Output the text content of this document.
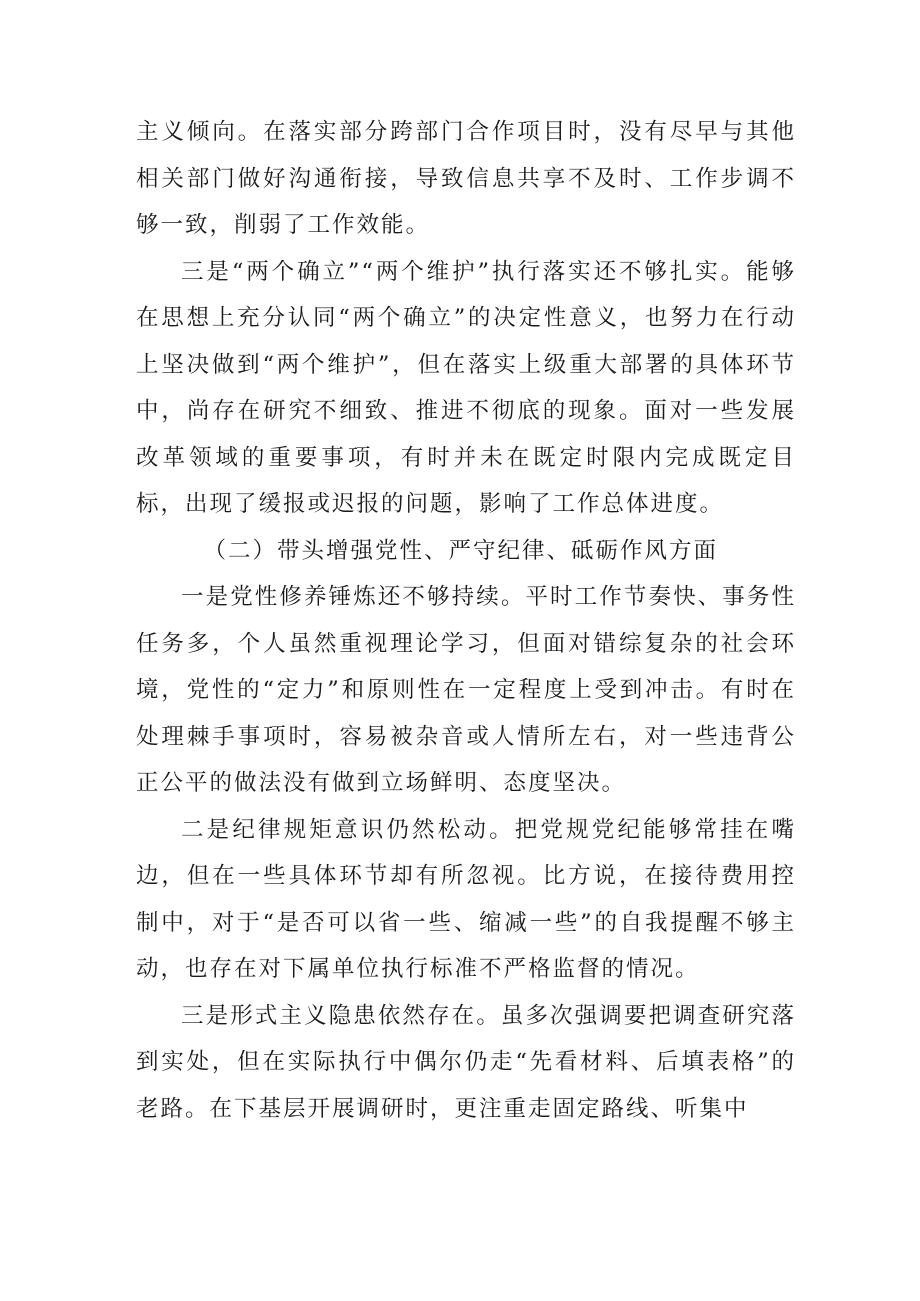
主义倾向。在落实部分跨部门合作项目时，没有尽早与其他相关部门做好沟通衔接，导致信息共享不及时、工作步调不够一致，削弱了工作效能。

三是“两个确立”“两个维护”执行落实还不够扎实。能够在思想上充分认同“两个确立”的决定性意义，也努力在行动上坚决做到“两个维护”，但在落实上级重大部署的具体环节中，尚存在研究不细致、推进不彻底的现象。面对一些发展改革领域的重要事项，有时并未在既定时限内完成既定目标，出现了缓报或迟报的问题，影响了工作总体进度。

（二）带头增强党性、严守纪律、砥砺作风方面

一是党性修养锤炼还不够持续。平时工作节奏快、事务性任务多，个人虽然重视理论学习，但面对错综复杂的社会环境，党性的“定力”和原则性在一定程度上受到冲击。有时在处理棘手事项时，容易被杂音或人情所左右，对一些违背公正公平的做法没有做到立场鲜明、态度坚决。

二是纪律规矩意识仍然松动。把党规党纪能够常挂在嘴边，但在一些具体环节却有所忽视。比方说，在接待费用控制中，对于“是否可以省一些、缩减一些”的自我提醒不够主动，也存在对下属单位执行标准不严格监督的情况。

三是形式主义隐患依然存在。虽多次强调要把调查研究落到实处，但在实际执行中偶尔仍走“先看材料、后填表格”的老路。在下基层开展调研时，更注重走固定路线、听集中
